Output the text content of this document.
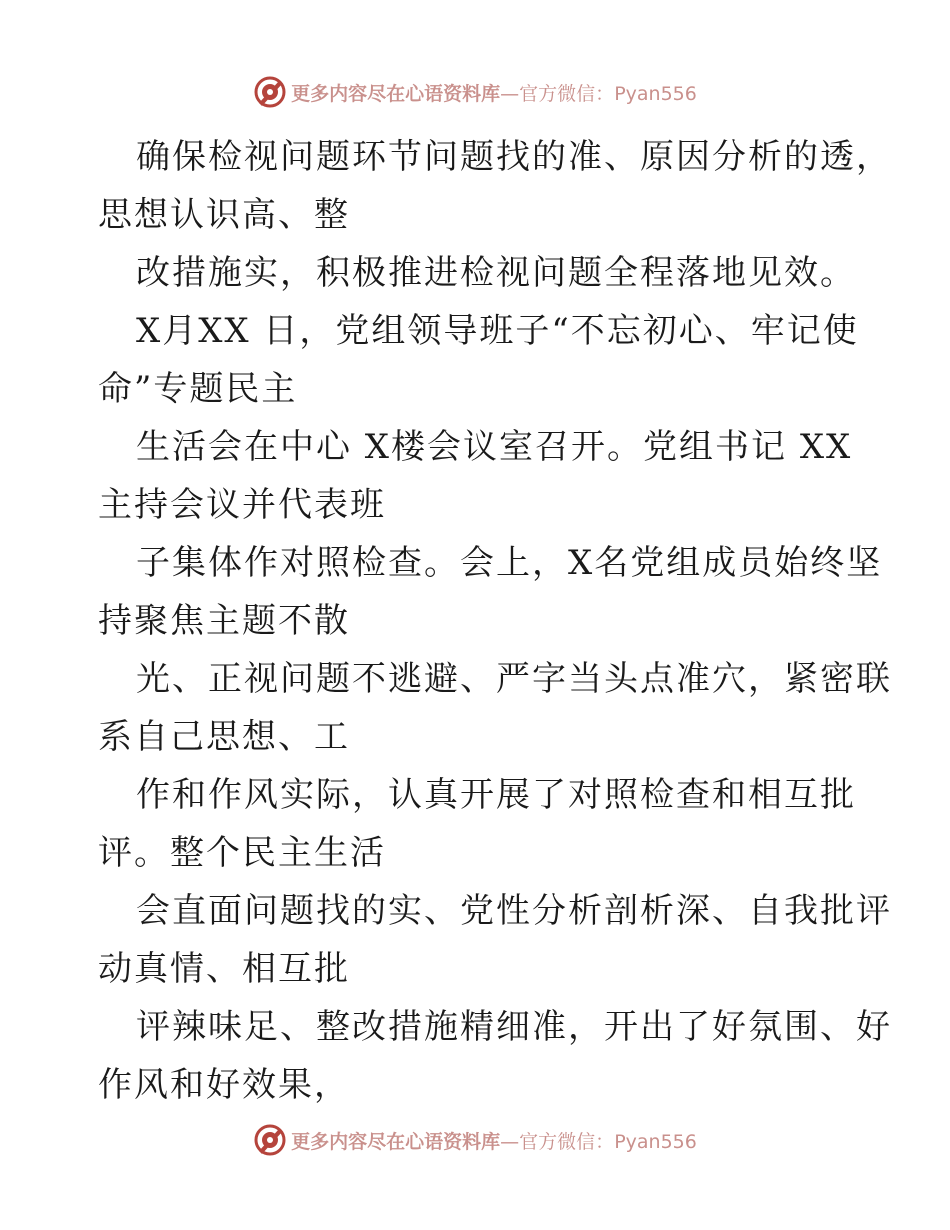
更多内容尽在心语资料库—官方微信：Pyan556
确保检视问题环节问题找的准、原因分析的透，
思想认识高、整
改措施实，积极推进检视问题全程落地见效。
X月XX 日，党组领导班子“不忘初心、牢记使
命”专题民主
生活会在中心 X楼会议室召开。党组书记 XX
主持会议并代表班
子集体作对照检查。会上，X名党组成员始终坚
持聚焦主题不散
光、正视问题不逃避、严字当头点准穴，紧密联
系自己思想、工
作和作风实际，认真开展了对照检查和相互批
评。整个民主生活
会直面问题找的实、党性分析剖析深、自我批评
动真情、相互批
评辣味足、整改措施精细准，开出了好氛围、好
作风和好效果，
更多内容尽在心语资料库—官方微信：Pyan556
